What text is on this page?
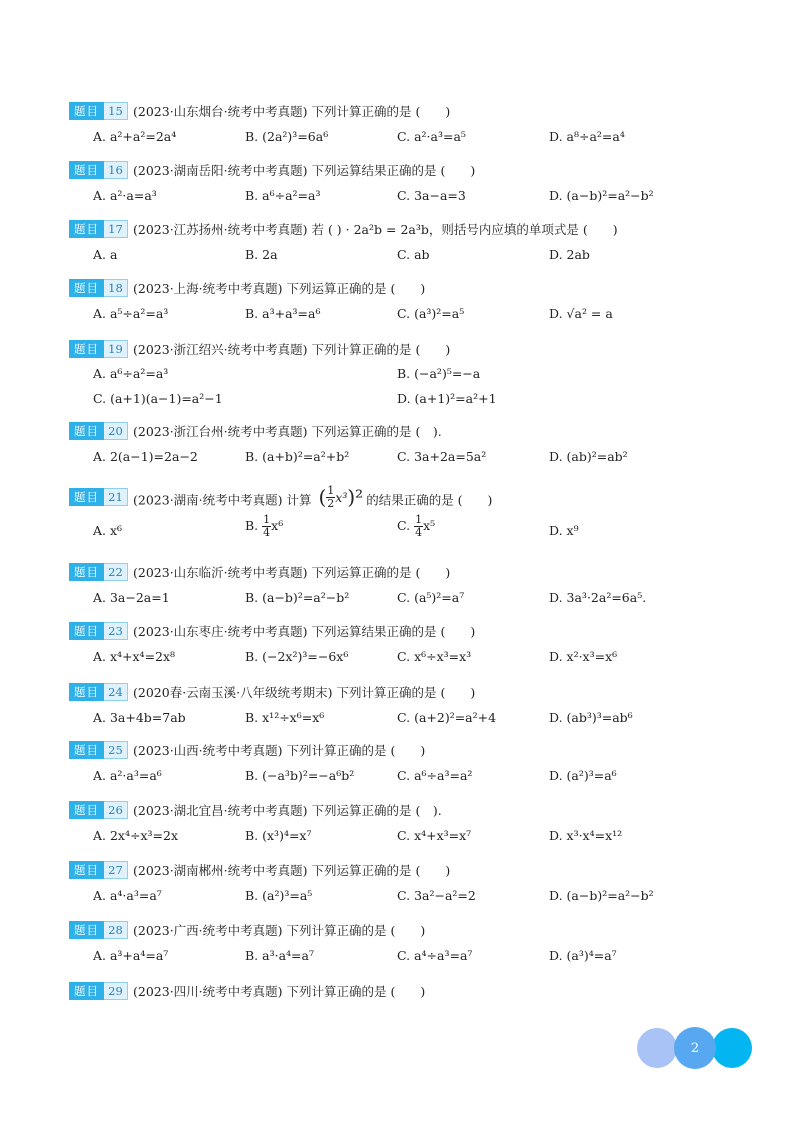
题目 15 (2023·山东烟台·统考中考真题) 下列计算正确的是 (　　)
A. a²+a²=2a⁴	B. (2a²)³=6a⁶	C. a²·a³=a⁵	D. a⁸÷a²=a⁴
题目 16 (2023·湖南岳阳·统考中考真题) 下列运算结果正确的是 (　　)
A. a²·a=a³	B. a⁶÷a²=a³	C. 3a−a=3	D. (a−b)²=a²−b²
题目 17 (2023·江苏扬州·统考中考真题) 若 ( ) · 2a²b = 2a³b，则括号内应填的单项式是 (　　)
A. a	B. 2a	C. ab	D. 2ab
题目 18 (2023·上海·统考中考真题) 下列运算正确的是 (　　)
A. a⁵÷a²=a³	B. a³+a³=a⁶	C. (a³)²=a⁵	D. √a² = a
题目 19 (2023·浙江绍兴·统考中考真题) 下列计算正确的是 (　　)
A. a⁶÷a²=a³	B. (−a²)⁵=−a
C. (a+1)(a−1)=a²−1	D. (a+1)²=a²+1
题目 20 (2023·浙江台州·统考中考真题) 下列运算正确的是 (　).
A. 2(a−1)=2a−2	B. (a+b)²=a²+b²	C. 3a+2a=5a²	D. (ab)²=ab²
题目 21 (2023·湖南·统考中考真题) 计算 ( $\frac{1}{2} x^3$ )² 的结果正确的是 (　　)
A. x⁶	B. $\frac{1}{4} x^6$	C. $\frac{1}{4} x^5$	D. x⁹
题目 22 (2023·山东临沂·统考中考真题) 下列运算正确的是 (　　)
A. 3a−2a=1	B. (a−b)²=a²−b²	C. (a⁵)²=a⁷	D. 3a³·2a²=6a⁵.
题目 23 (2023·山东枣庄·统考中考真题) 下列运算结果正确的是 (　　)
A. x⁴+x⁴=2x⁸	B. (−2x²)³=−6x⁶	C. x⁶÷x³=x³	D. x²·x³=x⁶
题目 24 (2020春·云南玉溪·八年级统考期末) 下列计算正确的是 (　　)
A. 3a+4b=7ab	B. x¹²÷x⁶=x⁶	C. (a+2)²=a²+4	D. (ab³)³=ab⁶
题目 25 (2023·山西·统考中考真题) 下列计算正确的是 (　　)
A. a²·a³=a⁶	B. (−a³b)²=−a⁶b²	C. a⁶÷a³=a²	D. (a²)³=a⁶
题目 26 (2023·湖北宜昌·统考中考真题) 下列运算正确的是 (　).
A. 2x⁴÷x³=2x	B. (x³)⁴=x⁷	C. x⁴+x³=x⁷	D. x³·x⁴=x¹²
题目 27 (2023·湖南郴州·统考中考真题) 下列运算正确的是 (　　)
A. a⁴·a³=a⁷	B. (a²)³=a⁵	C. 3a²−a²=2	D. (a−b)²=a²−b²
题目 28 (2023·广西·统考中考真题) 下列计算正确的是 (　　)
A. a³+a⁴=a⁷	B. a³·a⁴=a⁷	C. a⁴÷a³=a⁷	D. (a³)⁴=a⁷
题目 29 (2023·四川·统考中考真题) 下列计算正确的是 (　　)
2
